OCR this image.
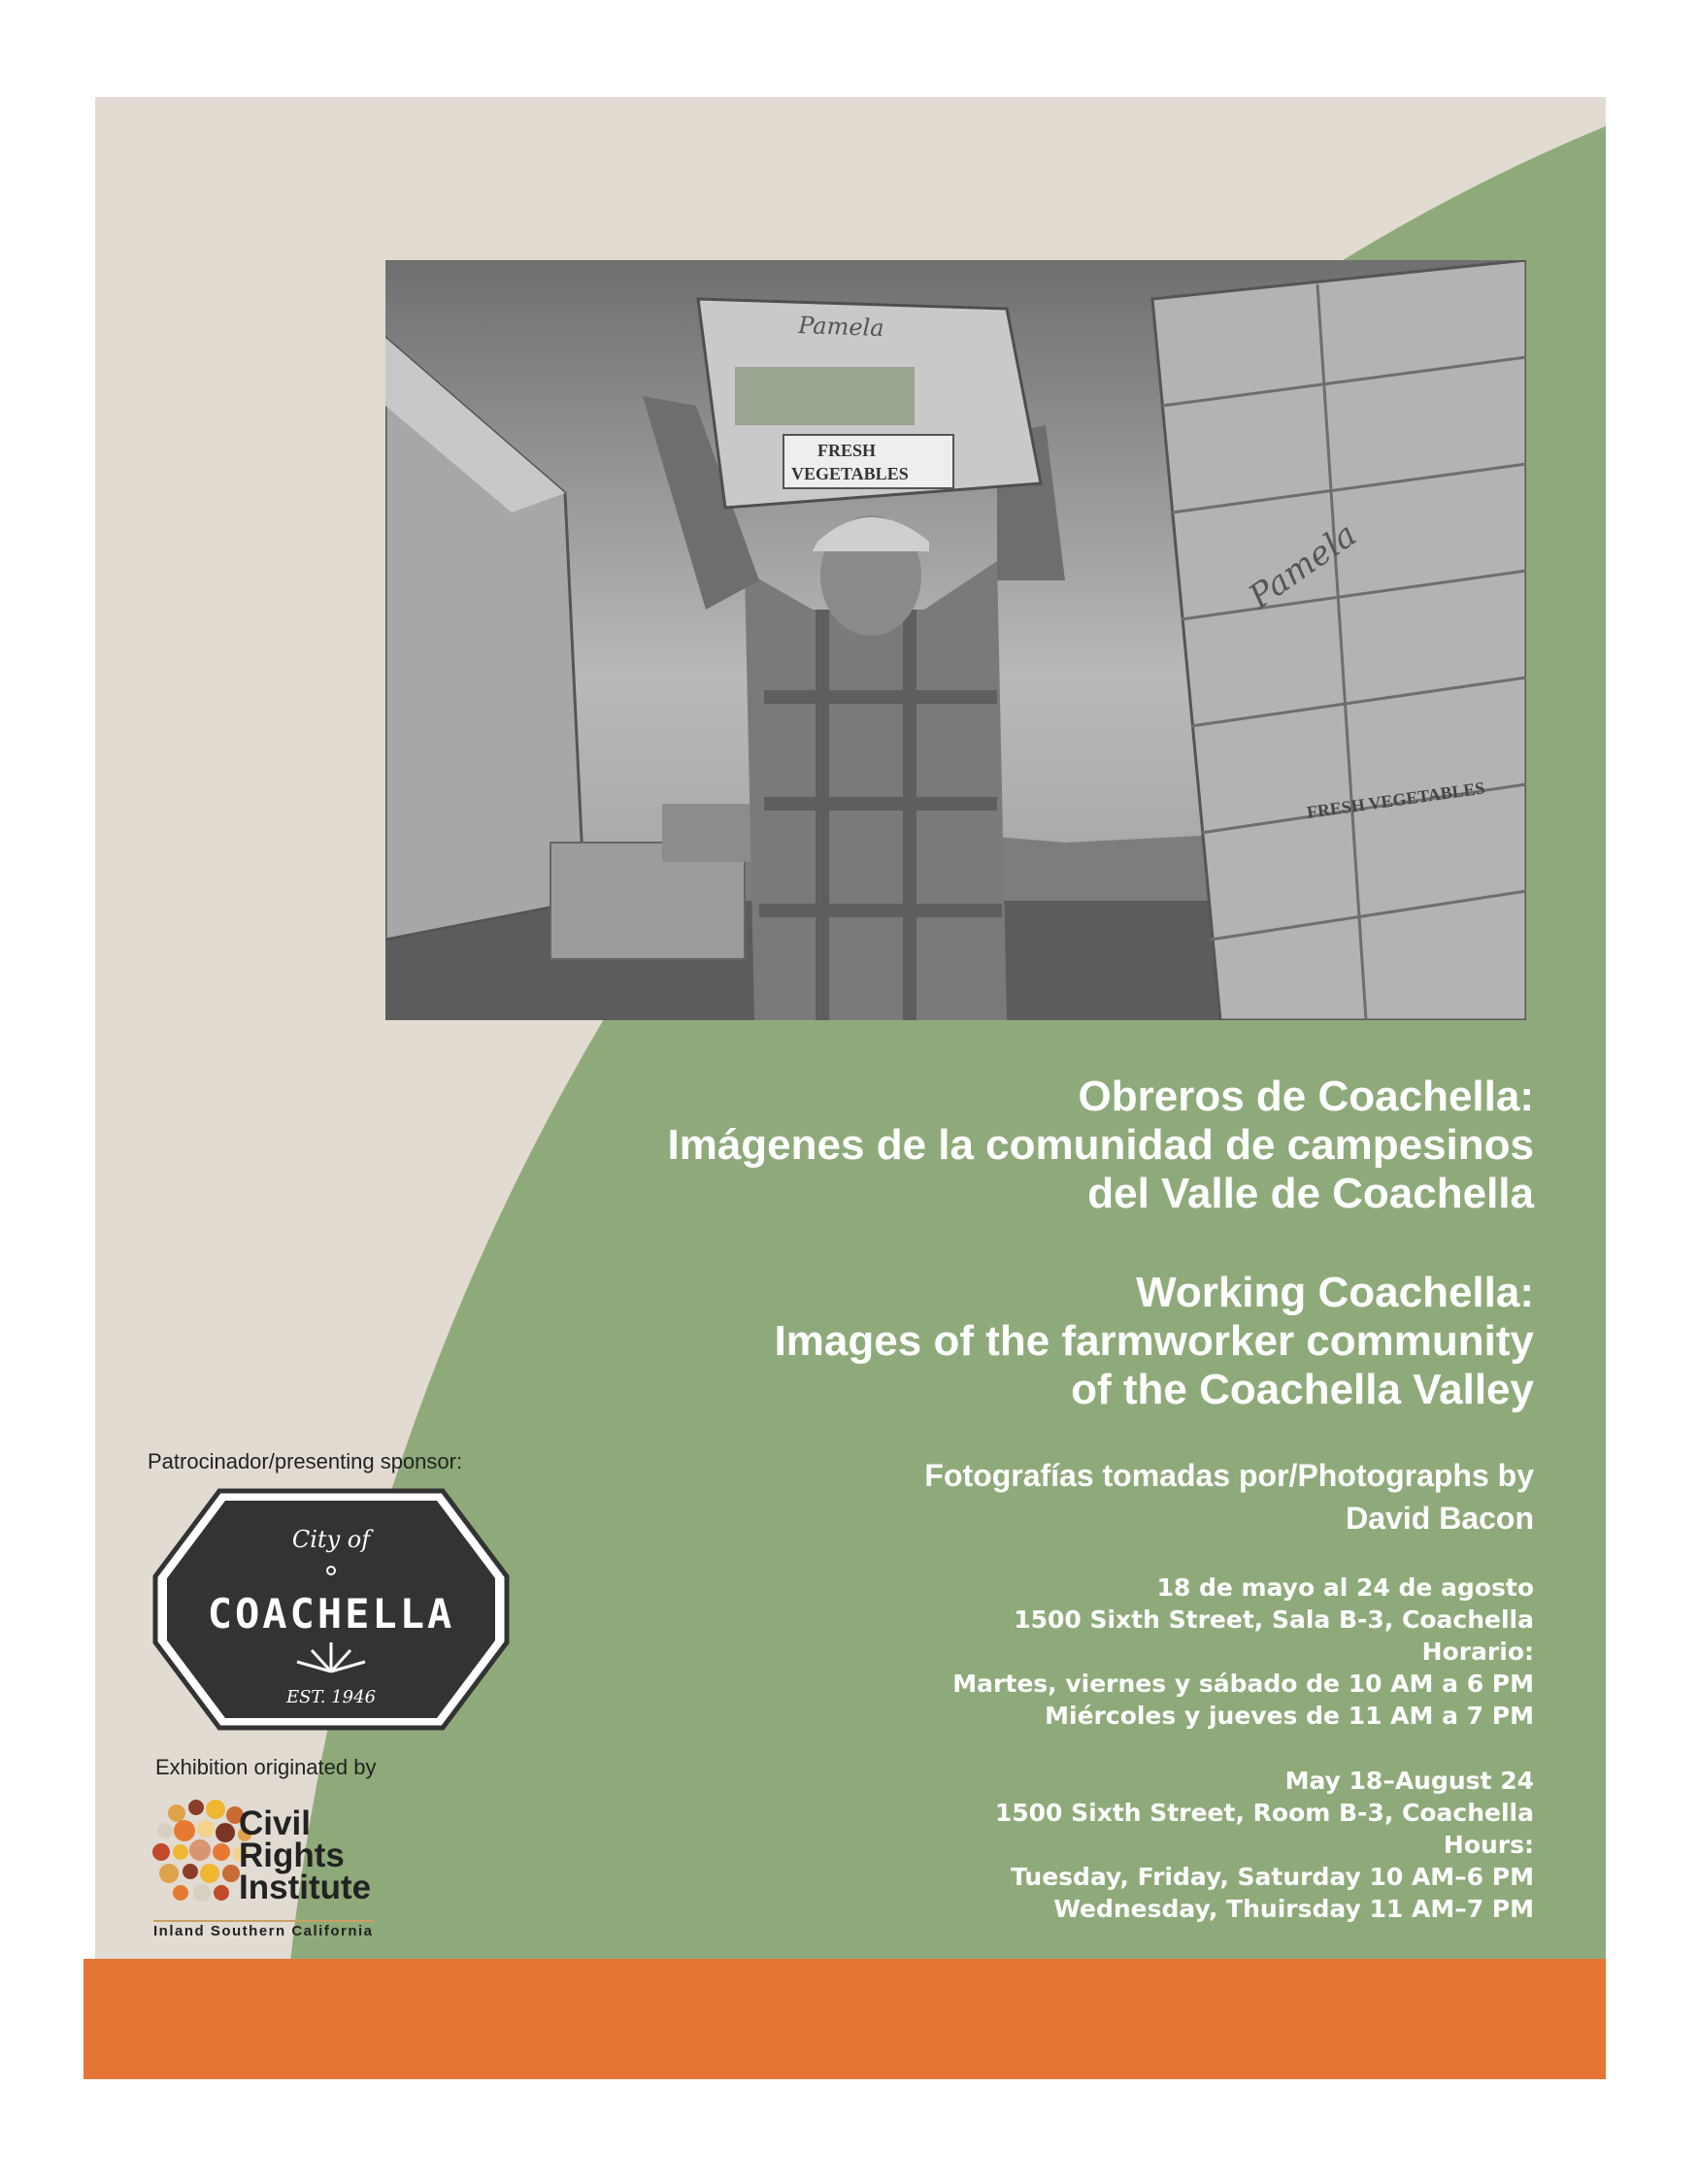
Pamela
FRESH
VEGETABLES
Pamela
FRESH VEGETABLES
Obreros de Coachella:
Imágenes de la comunidad de campesinos
del Valle de Coachella
Working Coachella:
Images of the farmworker community
of the Coachella Valley
Fotografías tomadas por/Photographs by
David Bacon
18 de mayo al 24 de agosto
1500 Sixth Street, Sala B-3, Coachella
Horario:
Martes, viernes y sábado de 10 AM a 6 PM
Miércoles y jueves de 11 AM a 7 PM
May 18–August 24
1500 Sixth Street, Room B-3, Coachella
Hours:
Tuesday, Friday, Saturday 10 AM–6 PM
Wednesday, Thuirsday 11 AM–7 PM
Patrocinador/presenting sponsor:
City of
COACHELLA
EST. 1946
Exhibition originated by
Civil
Rights
Institute
Inland Southern California
